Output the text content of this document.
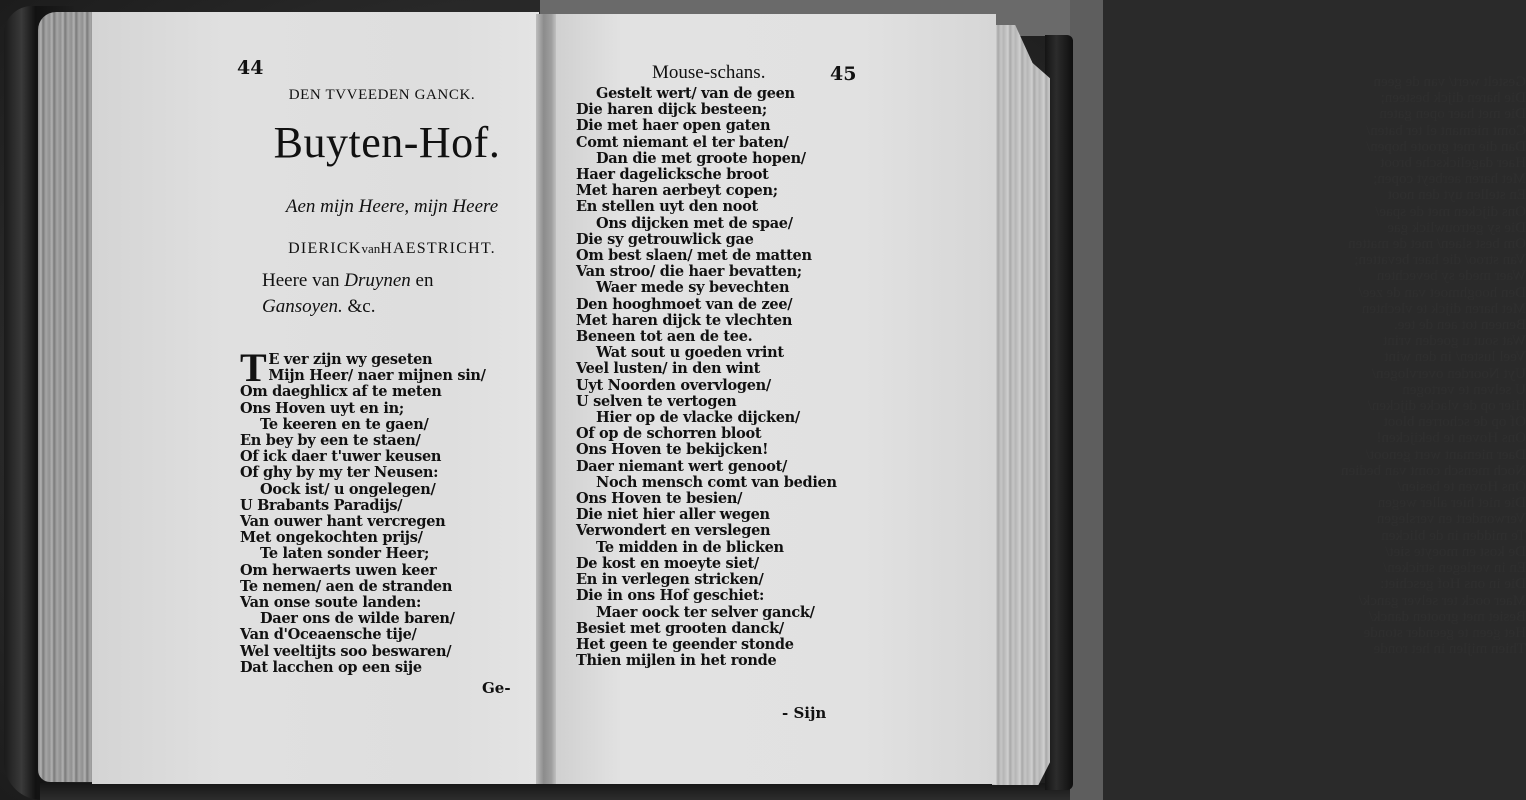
44
DEN TVVEEDEN GANCK.
Buyten-Hof.
Aen mijn Heere, mijn Heere
DIERICKvanHAESTRICHT.
Heere van Druynen en
Gansoyen. &c.
T E ver zijn wy geseten
Mijn Heer/ naer mijnen sin/
Om daeghlicx af te meten
Ons Hoven uyt en in;
Te keeren en te gaen/
En bey by een te staen/
Of ick daer t'uwer keusen
Of ghy by my ter Neusen:
Oock ist/ u ongelegen/
U Brabants Paradijs/
Van ouwer hant vercregen
Met ongekochten prijs/
Te laten sonder Heer;
Om herwaerts uwen keer
Te nemen/ aen de stranden
Van onse soute landen:
Daer ons de wilde baren/
Van d'Oceaensche tije/
Wel veeltijts soo beswaren/
Dat lacchen op een sije
Ge-
Gestelt wert/ van de geen
Die haren dijck besteen;
Die met haer open gaten
Comt niemant el ter baten/
Dan die met groote hopen/
Haer dagelicksche broot
Met haren aerbeyt copen;
En stellen uyt den noot
Ons dijcken met de spae/
Die sy getrouwlick gae
Om best slaen/ met de matten
Van stroo/ die haer bevatten;
Waer mede sy bevechten
Den hooghmoet van de zee/
Met haren dijck te vlechten
Beneen tot aen de tee.
Wat sout u goeden vrint
Veel lusten/ in den wint
Uyt Noorden overvlogen/
U selven te vertogen
Hier op de vlacke dijcken/
Of op de schorren bloot
Ons Hoven te bekijcken!
Daer niemant wert genoot/
Noch mensch comt van bedien
Ons Hoven te besien/
Die niet hier aller wegen
Verwondert en verslegen
Te midden in de blicken
De kost en moeyte siet/
En in verlegen stricken/
Die in ons Hof geschiet:
Maer oock ter selver ganck/
Besiet met grooten danck/
Het geen te geender stonde
Thien mijlen in het ronde
Mouse-schans.	45
Gestelt wert/ van de geen
Die haren dijck besteen;
Die met haer open gaten
Comt niemant el ter baten/
Dan die met groote hopen/
Haer dagelicksche broot
Met haren aerbeyt copen;
En stellen uyt den noot
Ons dijcken met de spae/
Die sy getrouwlick gae
Om best slaen/ met de matten
Van stroo/ die haer bevatten;
Waer mede sy bevechten
Den hooghmoet van de zee/
Met haren dijck te vlechten
Beneen tot aen de tee.
Wat sout u goeden vrint
Veel lusten/ in den wint
Uyt Noorden overvlogen/
U selven te vertogen
Hier op de vlacke dijcken/
Of op de schorren bloot
Ons Hoven te bekijcken!
Daer niemant wert genoot/
Noch mensch comt van bedien
Ons Hoven te besien/
Die niet hier aller wegen
Verwondert en verslegen
Te midden in de blicken
De kost en moeyte siet/
En in verlegen stricken/
Die in ons Hof geschiet:
Maer oock ter selver ganck/
Besiet met grooten danck/
Het geen te geender stonde
Thien mijlen in het ronde
- Sijn
